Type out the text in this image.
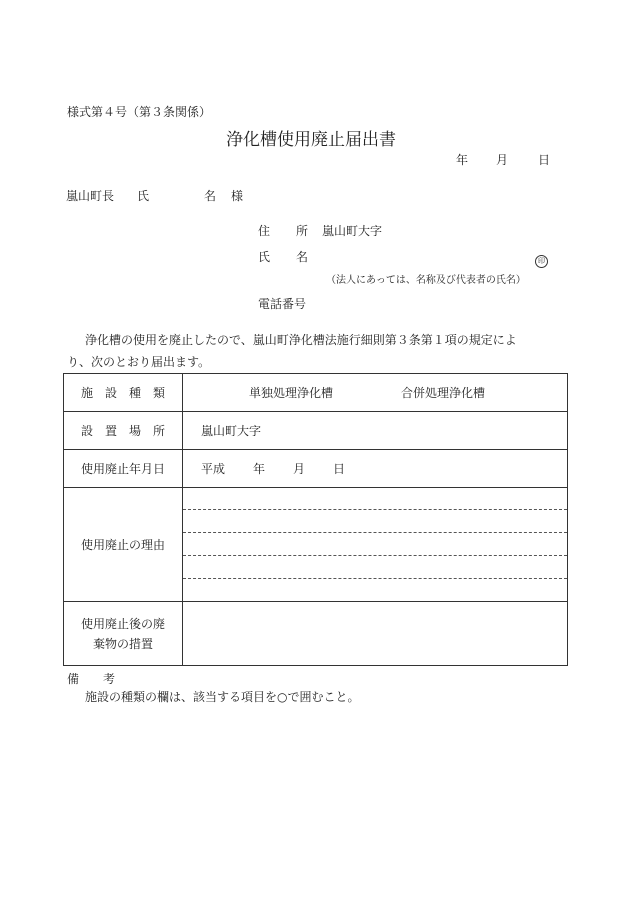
様式第４号（第３条関係）
浄化槽使用廃止届出書
年 月 日
嵐山町長 氏	名 様
住 所 嵐山町大字
氏 名	印
（法人にあっては、名称及び代表者の氏名）
電話番号
浄化槽の使用を廃止したので、嵐山町浄化槽法施行細則第３条第１項の規定によ
り、次のとおり届出ます。
施　設　種　類	単独処理浄化槽 合併処理浄化槽
設　置　場　所	嵐山町大字
使用廃止年月日	平成 年 月 日
使用廃止の理由	

使用廃止後の廃
棄物の措置	

備　　考
施設の種類の欄は、該当する項目を○で囲むこと。
